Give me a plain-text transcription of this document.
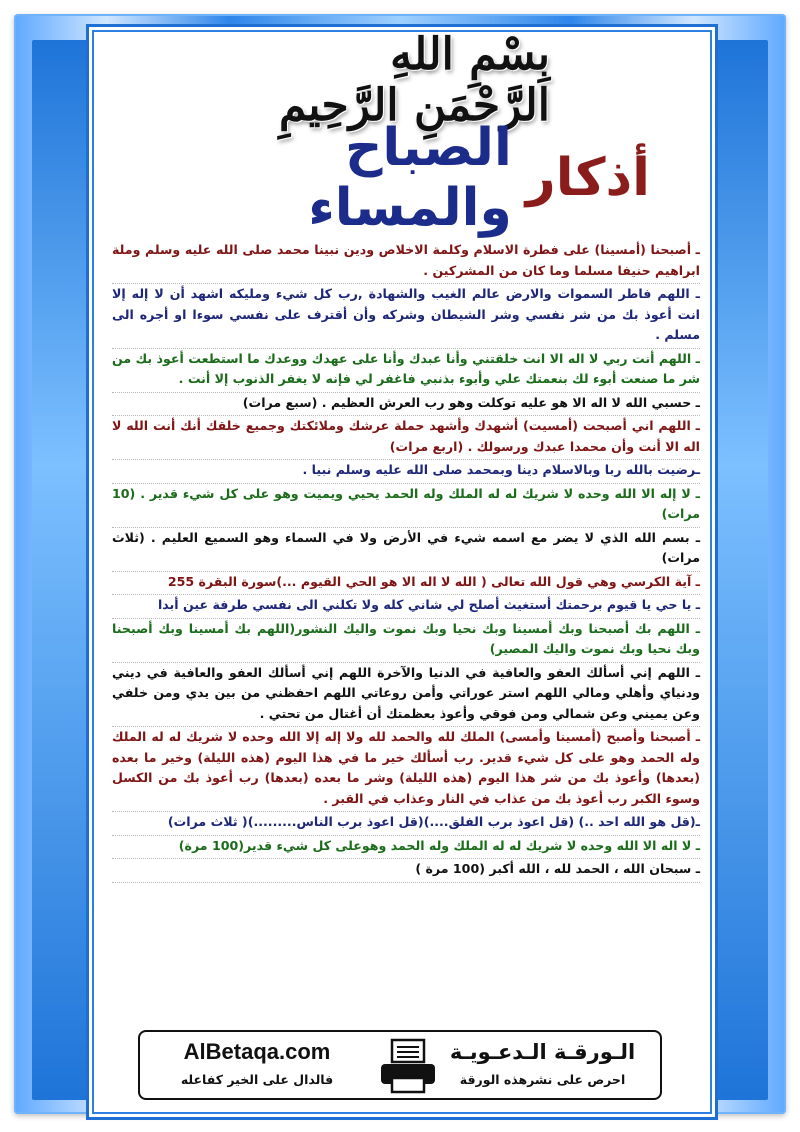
بِسْمِ اللهِ الرَّحْمَنِ الرَّحِيمِ
أذكار
الصباح والمساء
ـ أصبحنا (أمسينا) على فطرة الاسلام وكلمة الاخلاص ودين نبينا محمد صلى الله عليه وسلم وملة ابراهيم حنيفا مسلما وما كان من المشركين .
ـ اللهم فاطر السموات والارض عالم الغيب والشهادة ,رب كل شيء ومليكه اشهد أن لا إله إلا انت أعوذ بك من شر نفسي وشر الشيطان وشركه وأن أقترف على نفسي سوءا او أجره الى مسلم .
ـ اللهم أنت ربي لا اله الا انت خلقتني وأنا عبدك وأنا على عهدك ووعدك ما استطعت أعوذ بك من شر ما صنعت أبوء لك بنعمتك علي وأبوء بذنبي فاغفر لي فإنه لا يغفر الذنوب إلا أنت .
ـ حسبي الله لا اله الا هو عليه توكلت وهو رب العرش العظيم . (سبع مرات)
ـ اللهم اني أصبحت (أمسيت) أشهدك وأشهد حملة عرشك وملائكتك وجميع خلقك أنك أنت الله لا اله الا أنت وأن محمدا عبدك ورسولك . (اربع مرات)
ـرضيت بالله ربا وبالاسلام دينا وبمحمد صلى الله عليه وسلم نبيا .
ـ لا إله الا الله وحده لا شريك له له الملك وله الحمد يحيي ويميت وهو على كل شيء قدير . (10 مرات)
ـ بسم الله الذي لا يضر مع اسمه شيء في الأرض ولا في السماء وهو السميع العليم . (ثلاث مرات)
ـ آية الكرسي وهي قول الله تعالى ( الله لا اله الا هو الحي القيوم ...)سورة البقرة 255
ـ يا حي يا قيوم برحمتك أستغيث أصلح لي شاني كله ولا تكلني الى نفسي طرفة عين أبدا
ـ اللهم بك أصبحنا وبك أمسينا وبك نحيا وبك نموت واليك النشور(اللهم بك أمسينا وبك أصبحنا وبك نحيا وبك نموت واليك المصير)
ـ اللهم إني أسألك العفو والعافية في الدنيا والآخرة اللهم إني أسألك العفو والعافية في ديني ودنياي وأهلي ومالي اللهم استر عوراتي وأمن روعاتي اللهم احفظني من بين يدي ومن خلفي وعن يميني وعن شمالي ومن فوقي وأعوذ بعظمتك أن أغتال من تحتي .
ـ أصبحنا وأصبح (أمسينا وأمسى) الملك لله والحمد لله ولا إله إلا الله وحده لا شريك له له الملك وله الحمد وهو على كل شيء قدير. رب أسألك خير ما في هذا اليوم (هذه الليلة) وخير ما بعده (بعدها) وأعوذ بك من شر هذا اليوم (هذه الليلة) وشر ما بعده (بعدها) رب أعوذ بك من الكسل وسوء الكبر رب أعوذ بك من عذاب في النار وعذاب في القبر .
ـ(قل هو الله احد ..) (قل اعوذ برب الفلق....)(قل اعوذ برب الناس.........)( ثلاث مرات)
ـ لا اله الا الله وحده لا شريك له له الملك وله الحمد وهوعلى كل شيء قدير(100 مرة)
ـ سبحان الله ، الحمد لله ، الله أكبر (100 مرة )
AlBetaqa.com
فالدال على الخير كفاعله
الـورقـة الـدعـويـة
احرص على نشرهذه الورقة
